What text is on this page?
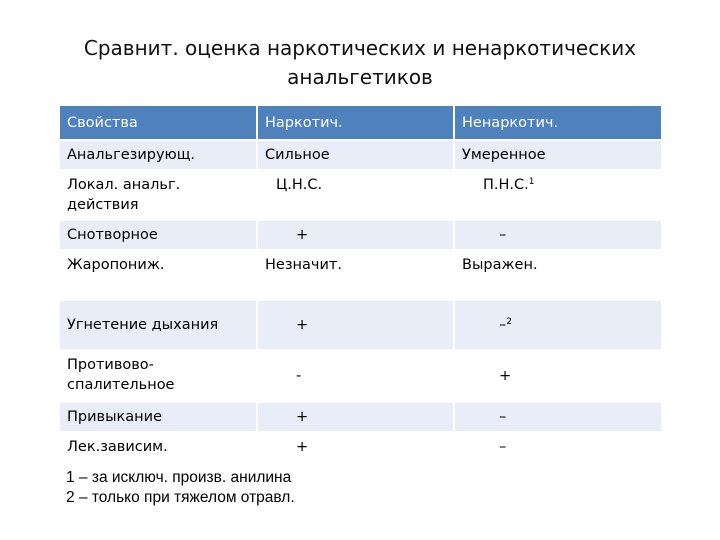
Сравнит. оценка наркотических и ненаркотических
анальгетиков
Свойства	Наркотич.	Ненаркотич.
Анальгезирующ.	Сильное	Умеренное
Локал. анальг. действия	Ц.Н.С.	П.Н.С.$^1$
Снотворное	+	–
Жаропониж.	Незначит.	Выражен.
Угнетение дыхания	+	–$^2$
Противово-спалительное	-	+
Привыкание	+	–
Лек.зависим.	+	–
1 – за исключ. произв. анилина
2 – только при тяжелом отравл.
